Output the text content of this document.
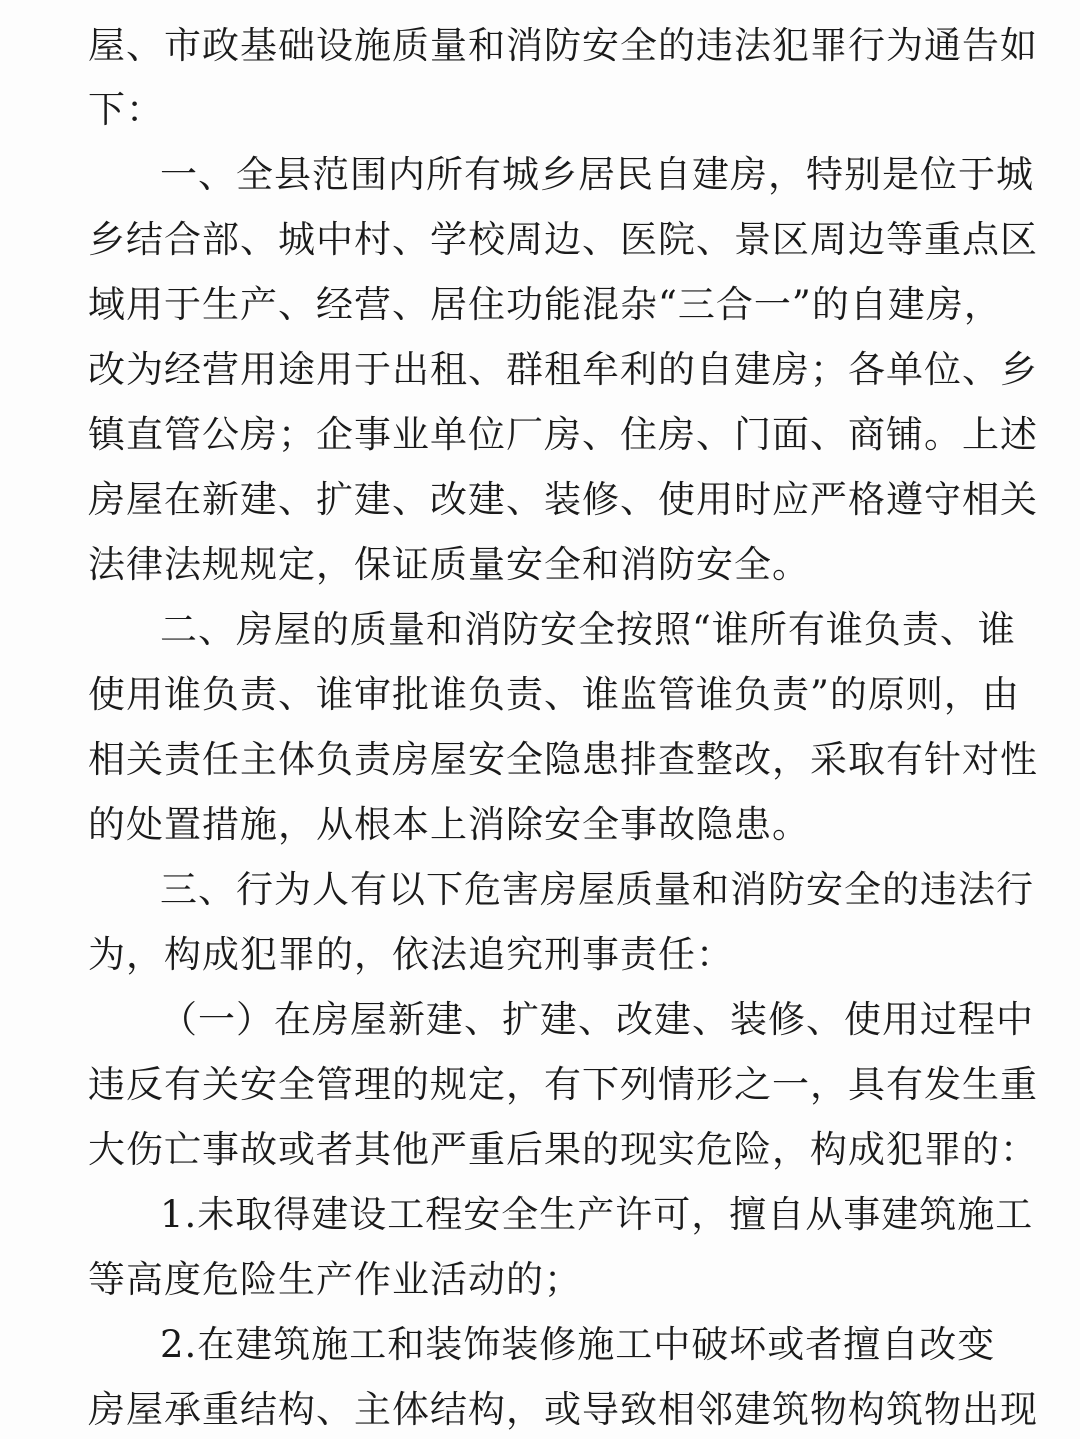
屋、市政基础设施质量和消防安全的违法犯罪行为通告如
下：
一、全县范围内所有城乡居民自建房，特别是位于城
乡结合部、城中村、学校周边、医院、景区周边等重点区
域用于生产、经营、居住功能混杂“三合一”的自建房，
改为经营用途用于出租、群租牟利的自建房；各单位、乡
镇直管公房；企事业单位厂房、住房、门面、商铺。上述
房屋在新建、扩建、改建、装修、使用时应严格遵守相关
法律法规规定，保证质量安全和消防安全。
二、房屋的质量和消防安全按照“谁所有谁负责、谁
使用谁负责、谁审批谁负责、谁监管谁负责”的原则，由
相关责任主体负责房屋安全隐患排查整改，采取有针对性
的处置措施，从根本上消除安全事故隐患。
三、行为人有以下危害房屋质量和消防安全的违法行
为，构成犯罪的，依法追究刑事责任：
（一）在房屋新建、扩建、改建、装修、使用过程中
违反有关安全管理的规定，有下列情形之一，具有发生重
大伤亡事故或者其他严重后果的现实危险，构成犯罪的：
1.未取得建设工程安全生产许可，擅自从事建筑施工
等高度危险生产作业活动的；
2.在建筑施工和装饰装修施工中破坏或者擅自改变
房屋承重结构、主体结构，或导致相邻建筑物构筑物出现
